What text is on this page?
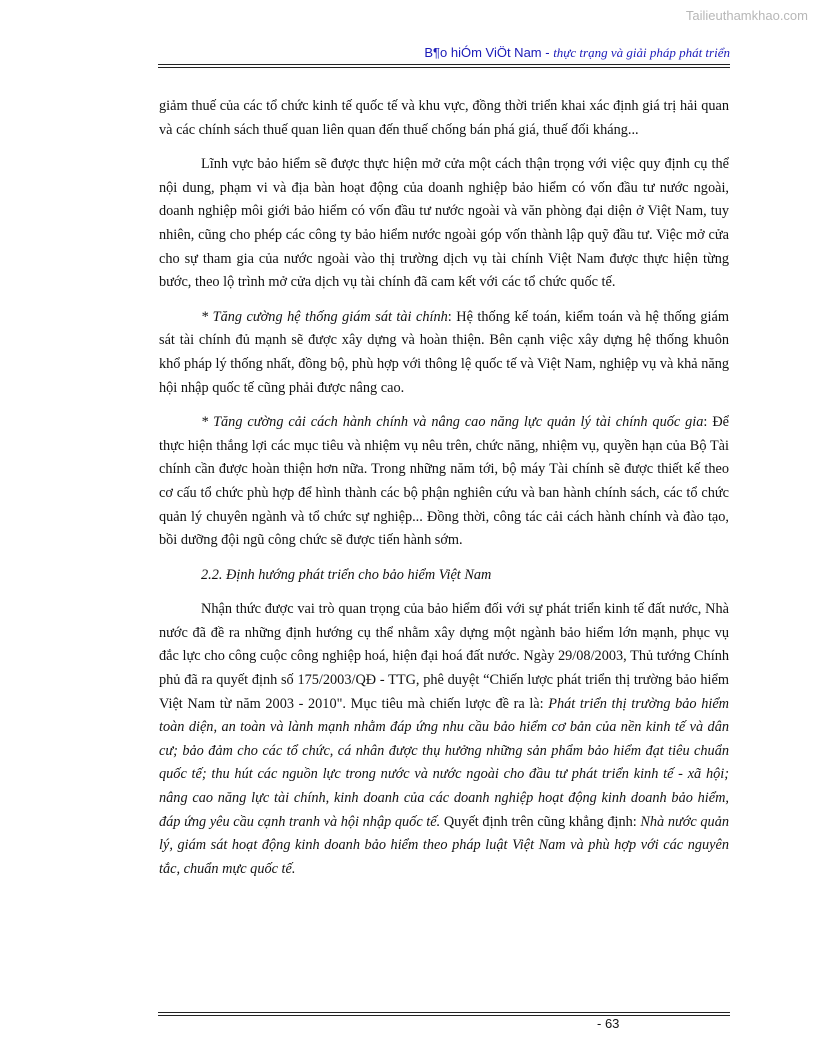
Tailieuthamkhao.com
B¶o hiÓm ViÖt Nam - thực trạng và giải pháp phát triển

giảm thuế của các tổ chức kinh tế quốc tế và khu vực, đồng thời triển khai xác định giá trị hải quan và các chính sách thuế quan liên quan đến thuế chống bán phá giá, thuế đối kháng...

Lĩnh vực bảo hiểm sẽ được thực hiện mở cửa một cách thận trọng với việc quy định cụ thể nội dung, phạm vi và địa bàn hoạt động của doanh nghiệp bảo hiểm có vốn đầu tư nước ngoài, doanh nghiệp môi giới bảo hiểm có vốn đầu tư nước ngoài và văn phòng đại diện ở Việt Nam, tuy nhiên, cũng cho phép các công ty bảo hiểm nước ngoài góp vốn thành lập quỹ đầu tư. Việc mở cửa cho sự tham gia của nước ngoài vào thị trường dịch vụ tài chính Việt Nam được thực hiện từng bước, theo lộ trình mở cửa dịch vụ tài chính đã cam kết với các tổ chức quốc tế.

* Tăng cường hệ thống giám sát tài chính: Hệ thống kế toán, kiểm toán và hệ thống giám sát tài chính đủ mạnh sẽ được xây dựng và hoàn thiện. Bên cạnh việc xây dựng hệ thống khuôn khổ pháp lý thống nhất, đồng bộ, phù hợp với thông lệ quốc tế và Việt Nam, nghiệp vụ và khả năng hội nhập quốc tế cũng phải được nâng cao.

* Tăng cường cải cách hành chính và nâng cao năng lực quản lý tài chính quốc gia: Để thực hiện thắng lợi các mục tiêu và nhiệm vụ nêu trên, chức năng, nhiệm vụ, quyền hạn của Bộ Tài chính cần được hoàn thiện hơn nữa. Trong những năm tới, bộ máy Tài chính sẽ được thiết kế theo cơ cấu tổ chức phù hợp để hình thành các bộ phận nghiên cứu và ban hành chính sách, các tổ chức quản lý chuyên ngành và tổ chức sự nghiệp... Đồng thời, công tác cải cách hành chính và đào tạo, bồi dưỡng đội ngũ công chức sẽ được tiến hành sớm.

2.2. Định hướng phát triển cho bảo hiểm Việt Nam

Nhận thức được vai trò quan trọng của bảo hiểm đối với sự phát triển kinh tế đất nước, Nhà nước đã đề ra những định hướng cụ thể nhằm xây dựng một ngành bảo hiểm lớn mạnh, phục vụ đắc lực cho công cuộc công nghiệp hoá, hiện đại hoá đất nước. Ngày 29/08/2003, Thủ tướng Chính phủ đã ra quyết định số 175/2003/QĐ - TTG, phê duyệt “Chiến lược phát triển thị trường bảo hiểm Việt Nam từ năm 2003 - 2010". Mục tiêu mà chiến lược đề ra là: Phát triển thị trường bảo hiểm toàn diện, an toàn và lành mạnh nhằm đáp ứng nhu cầu bảo hiểm cơ bản của nền kinh tế và dân cư; bảo đảm cho các tổ chức, cá nhân được thụ hưởng những sản phẩm bảo hiểm đạt tiêu chuẩn quốc tế; thu hút các nguồn lực trong nước và nước ngoài cho đầu tư phát triển kinh tế - xã hội; nâng cao năng lực tài chính, kinh doanh của các doanh nghiệp hoạt động kinh doanh bảo hiểm, đáp ứng yêu cầu cạnh tranh và hội nhập quốc tế. Quyết định trên cũng khẳng định: Nhà nước quản lý, giám sát hoạt động kinh doanh bảo hiểm theo pháp luật Việt Nam và phù hợp với các nguyên tắc, chuẩn mực quốc tế.

- 63
